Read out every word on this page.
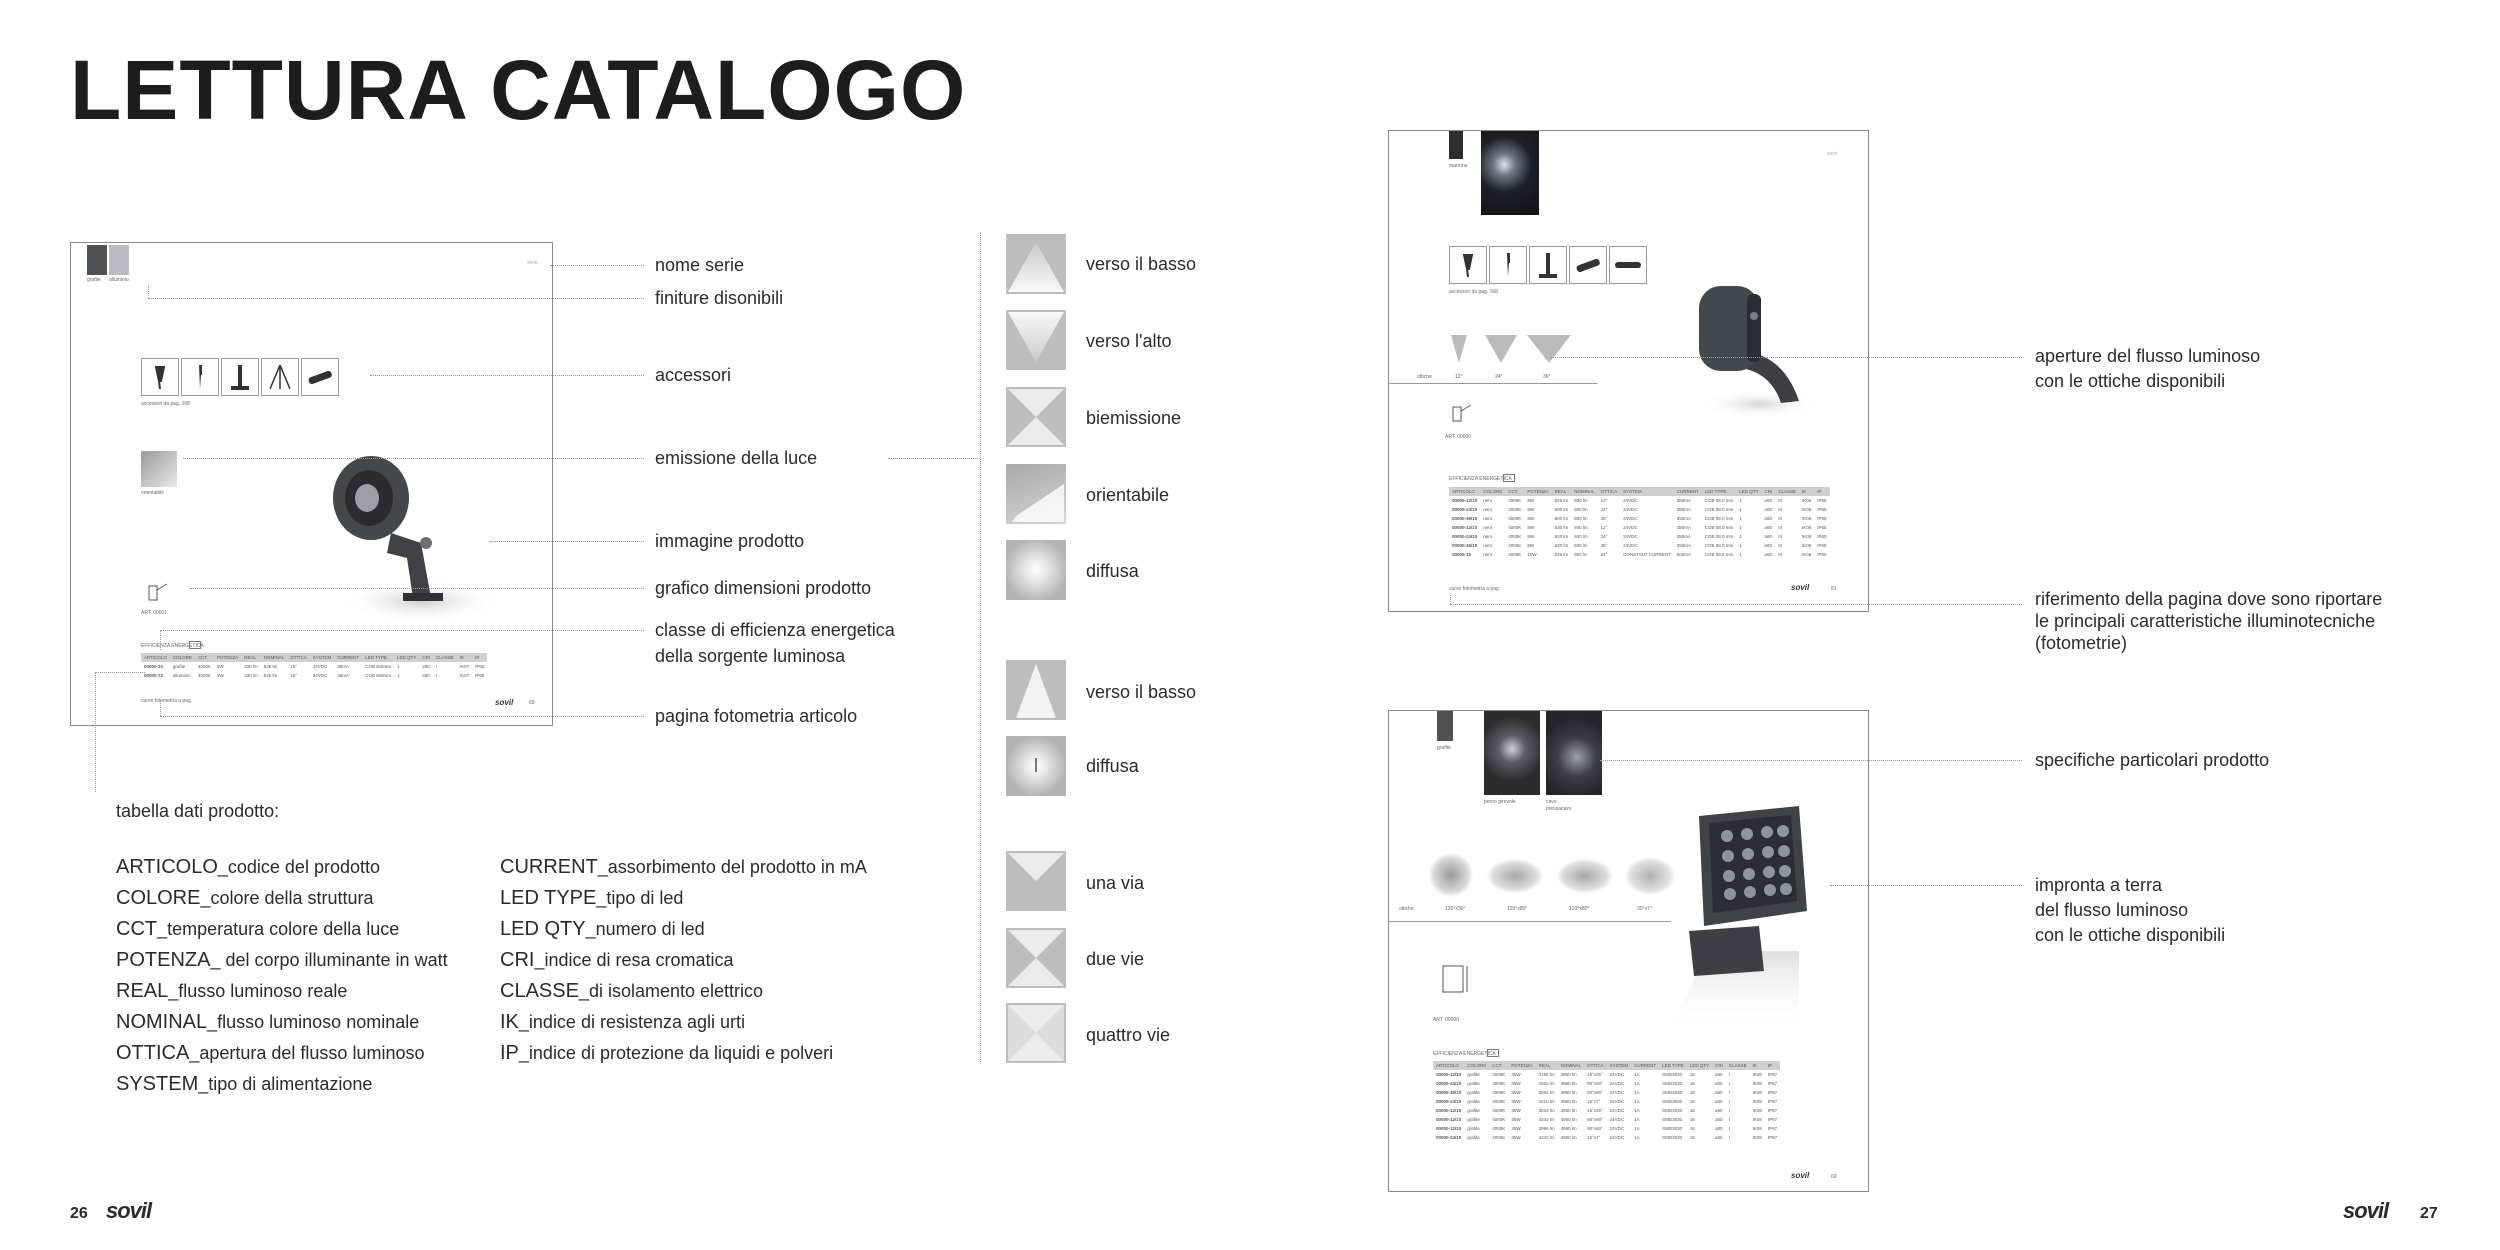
LETTURA CATALOGO
grafite alluminio
accessori da pag. 168
orientabile
ART. 00001
EFFICIENZA ENERGETICA
ARTICOLO	COLORE	CCT	POTENZA	REAL	NOMINAL	OTTICA	SYSTEM	CURRENT	LED TYPE	LED QTY	CRI	CLASSE	IK	IP
00000-10	grafite	4000K	8W	330 lm	525 lm	15°	24VDC	35mA	COB 8x5mm	1	≥80	I	IK07	IP65
00000-72	alluminio	4000K	8W	330 lm	525 lm	15°	24VDC	35mA	COB 8x5mm	1	≥80	I	IK07	IP65
curve fotometria a pag.	sovil	69
serie	nome serie
finiture disonibili
accessori
emissione della luce
immagine prodotto
grafico dimensioni prodotto
classe di efficienza energetica
della sorgente luminosa
pagina fotometria articolo
tabella dati prodotto:
ARTICOLO_codice del prodotto
COLORE_colore della struttura
CCT_temperatura colore della luce
POTENZA_ del corpo illuminante in watt
REAL_flusso luminoso reale
NOMINAL_flusso luminoso nominale
OTTICA_apertura del flusso luminoso
SYSTEM_tipo di alimentazione
CURRENT_assorbimento del prodotto in mA
LED TYPE_tipo di led
LED QTY_numero di led
CRI_indice di resa cromatica
CLASSE_di isolamento elettrico
IK_indice di resistenza agli urti
IP_indice di protezione da liquidi e polveri
verso il basso
verso l'alto
biemissione
orientabile
diffusa
verso il basso
diffusa
una via
due vie
quattro vie
marrone
serie
accessori da pag. 168
ottiche	12°	24°	36°
ART. 00000
EFFICIENZA ENERGETICA
ARTICOLO	COLORE	CCT	POTENZA	REAL	NOMINAL	OTTICA	SYSTEM	CURRENT	LED TYPE	LED QTY	CRI	CLASSE	IK	IP
00000-12/10	nero	3000K	8W	525 lm	600 lm	12°	24VDC	350mA	COB 08.0 mm	1	≥80	III	IK06	IP65
00000-24/10	nero	3000K	8W	600 lm	600 lm	24°	24VDC	350mA	COB 08.0 mm	1	≥80	III	IK06	IP65
00000-36/10	nero	3000K	8W	600 lm	600 lm	36°	24VDC	350mA	COB 08.0 mm	1	≥80	III	IK06	IP65
00000-12/10	nero	4000K	8W	530 lm	600 lm	12°	24VDC	350mA	COB 08.0 mm	1	≥80	III	IK06	IP65
00000-24/10	nero	4000K	8W	620 lm	600 lm	24°	24VDC	350mA	COB 08.0 mm	1	≥80	III	IK06	IP65
00000-36/10	nero	4000K	8W	620 lm	600 lm	36°	24VDC	350mA	COB 08.0 mm	1	≥80	III	IK06	IP65
00000-10	nero	4000K	10W	525 lm	600 lm	24°	CONSTANT CURRENT	500mA	COB 08.5 mm	1	≥80	III	IK06	IP65
curve fotometria a pag.	sovil	81
aperture del flusso luminoso
con le ottiche disponibili
riferimento della pagina dove sono riportare
le principali caratteristiche illuminotecniche
(fotometrie)
grafite
perno girevole	cavo
pressacavo
ottiche	120°x30°	120°x80°	120°x80°	30°x7°
ART. 00000
EFFICIENZA ENERGETICA
ARTICOLO	COLORE	CCT	POTENZA	REAL	NOMINAL	OTTICA	SYSTEM	CURRENT	LED TYPE	LED QTY	CRI	CLASSE	IK	IP
00000-12/10	grafite	3000K	35W	3165 lm	4950 lm	15°x30°	24VDC	1A	SMD3030	16	≥80	I	IK08	IP67
00000-24/10	grafite	3000K	35W	4002 lm	4950 lm	90°x60°	24VDC	1A	SMD3030	16	≥80	I	IK08	IP67
00000-36/10	grafite	3000K	35W	3594 lm	4950 lm	90°x60°	24VDC	1A	SMD3030	16	≥80	I	IK08	IP67
00000-24/10	grafite	4000K	35W	4210 lm	4950 lm	15°x7°	24VDC	1A	SMD3030	16	≥80	I	IK08	IP67
00000-12/10	grafite	4000K	35W	3519 lm	4950 lm	15°x30°	24VDC	1A	SMD3030	16	≥80	I	IK08	IP67
00000-12/10	grafite	4000K	35W	4242 lm	4950 lm	90°x60°	24VDC	1A	SMD3030	16	≥80	I	IK08	IP67
00000-12/10	grafite	4000K	35W	3996 lm	4950 lm	90°x60°	24VDC	1A	SMD3030	16	≥80	I	IK08	IP67
00000-24/10	grafite	4000K	35W	4242 lm	4950 lm	15°x7°	24VDC	1A	SMD3030	16	≥80	I	IK08	IP67
sovil	69
specifiche particolari prodotto
impronta a terra
del flusso luminoso
con le ottiche disponibili
26 sovil	sovil 27
